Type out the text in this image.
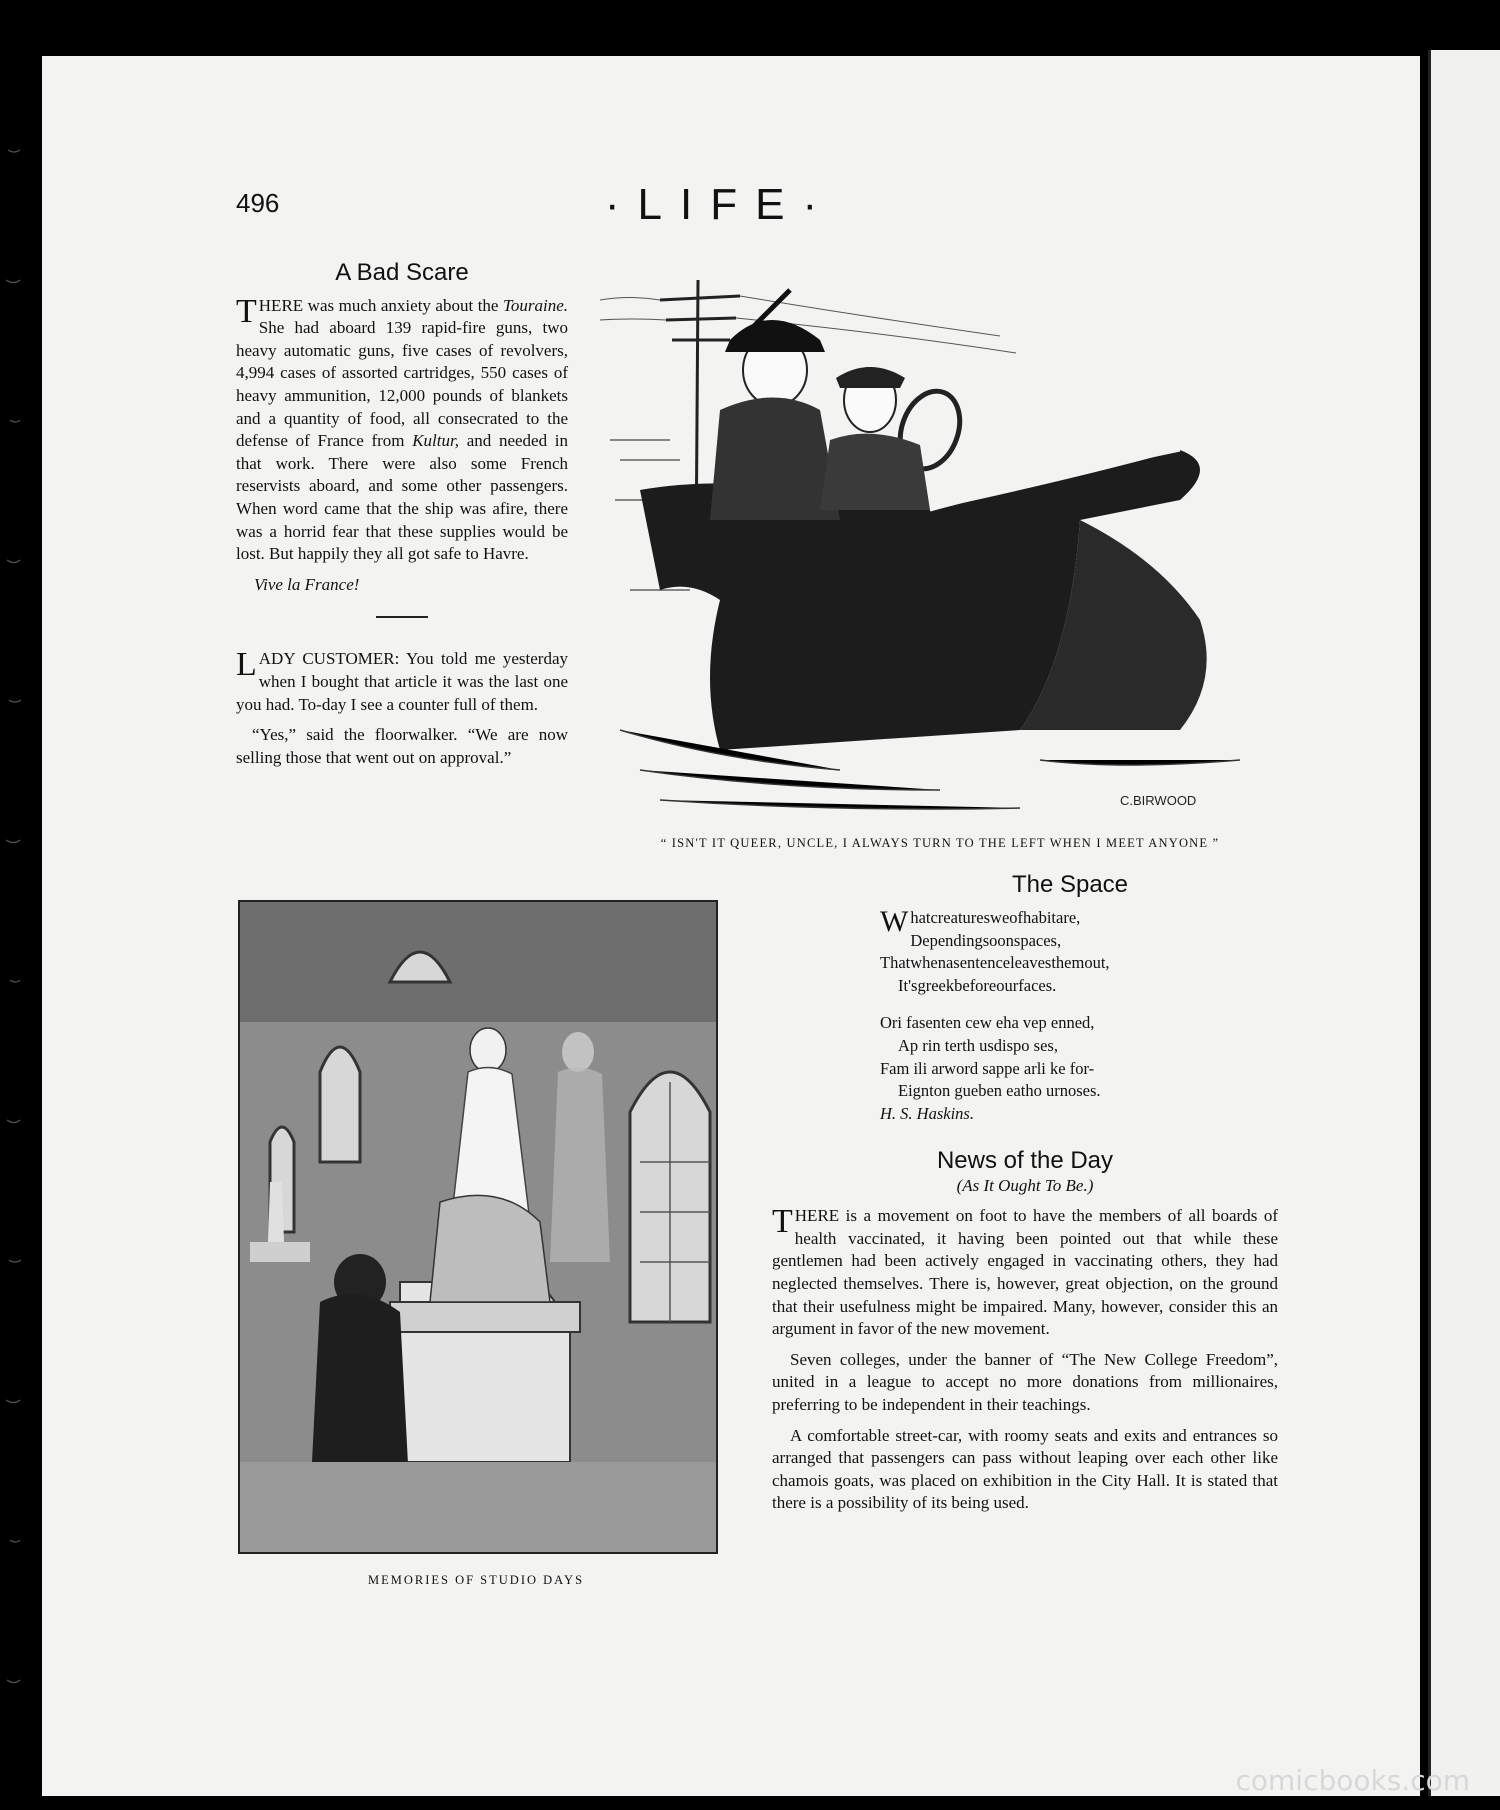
496	·LIFE·
A Bad Scare

THERE was much anxiety about the Touraine. She had aboard 139 rapid-fire guns, two heavy automatic guns, five cases of revolvers, 4,994 cases of assorted cartridges, 550 cases of heavy ammunition, 12,000 pounds of blankets and a quantity of food, all consecrated to the defense of France from Kultur, and needed in that work. There were also some French reservists aboard, and some other passengers. When word came that the ship was afire, there was a horrid fear that these supplies would be lost. But happily they all got safe to Havre.

Vive la France!

LADY CUSTOMER: You told me yesterday when I bought that article it was the last one you had. To-day I see a counter full of them.

“Yes,” said the floorwalker. “We are now selling those that went out on approval.”

C.BIRWOOD
“ ISN'T IT QUEER, UNCLE, I ALWAYS TURN TO THE LEFT WHEN I MEET ANYONE ”
MEMORIES OF STUDIO DAYS
The Space

Whatcreaturesweofhabitare,

Dependingsoonspaces,

Thatwhenasentenceleavesthemout,

It'sgreekbeforeourfaces.

Ori fasenten cew eha vep enned,

Ap rin terth usdispo ses,

Fam ili arword sappe arli ke for-

Eignton gueben eatho urnoses.

H. S. Haskins.

News of the Day

(As It Ought To Be.)

THERE is a movement on foot to have the members of all boards of health vaccinated, it having been pointed out that while these gentlemen had been actively engaged in vaccinating others, they had neglected themselves. There is, however, great objection, on the ground that their usefulness might be impaired. Many, however, consider this an argument in favor of the new movement.

Seven colleges, under the banner of “The New College Freedom”, united in a league to accept no more donations from millionaires, preferring to be independent in their teachings.

A comfortable street-car, with roomy seats and exits and entrances so arranged that passengers can pass without leaping over each other like chamois goats, was placed on exhibition in the City Hall. It is stated that there is a possibility of its being used.

comicbooks.com
